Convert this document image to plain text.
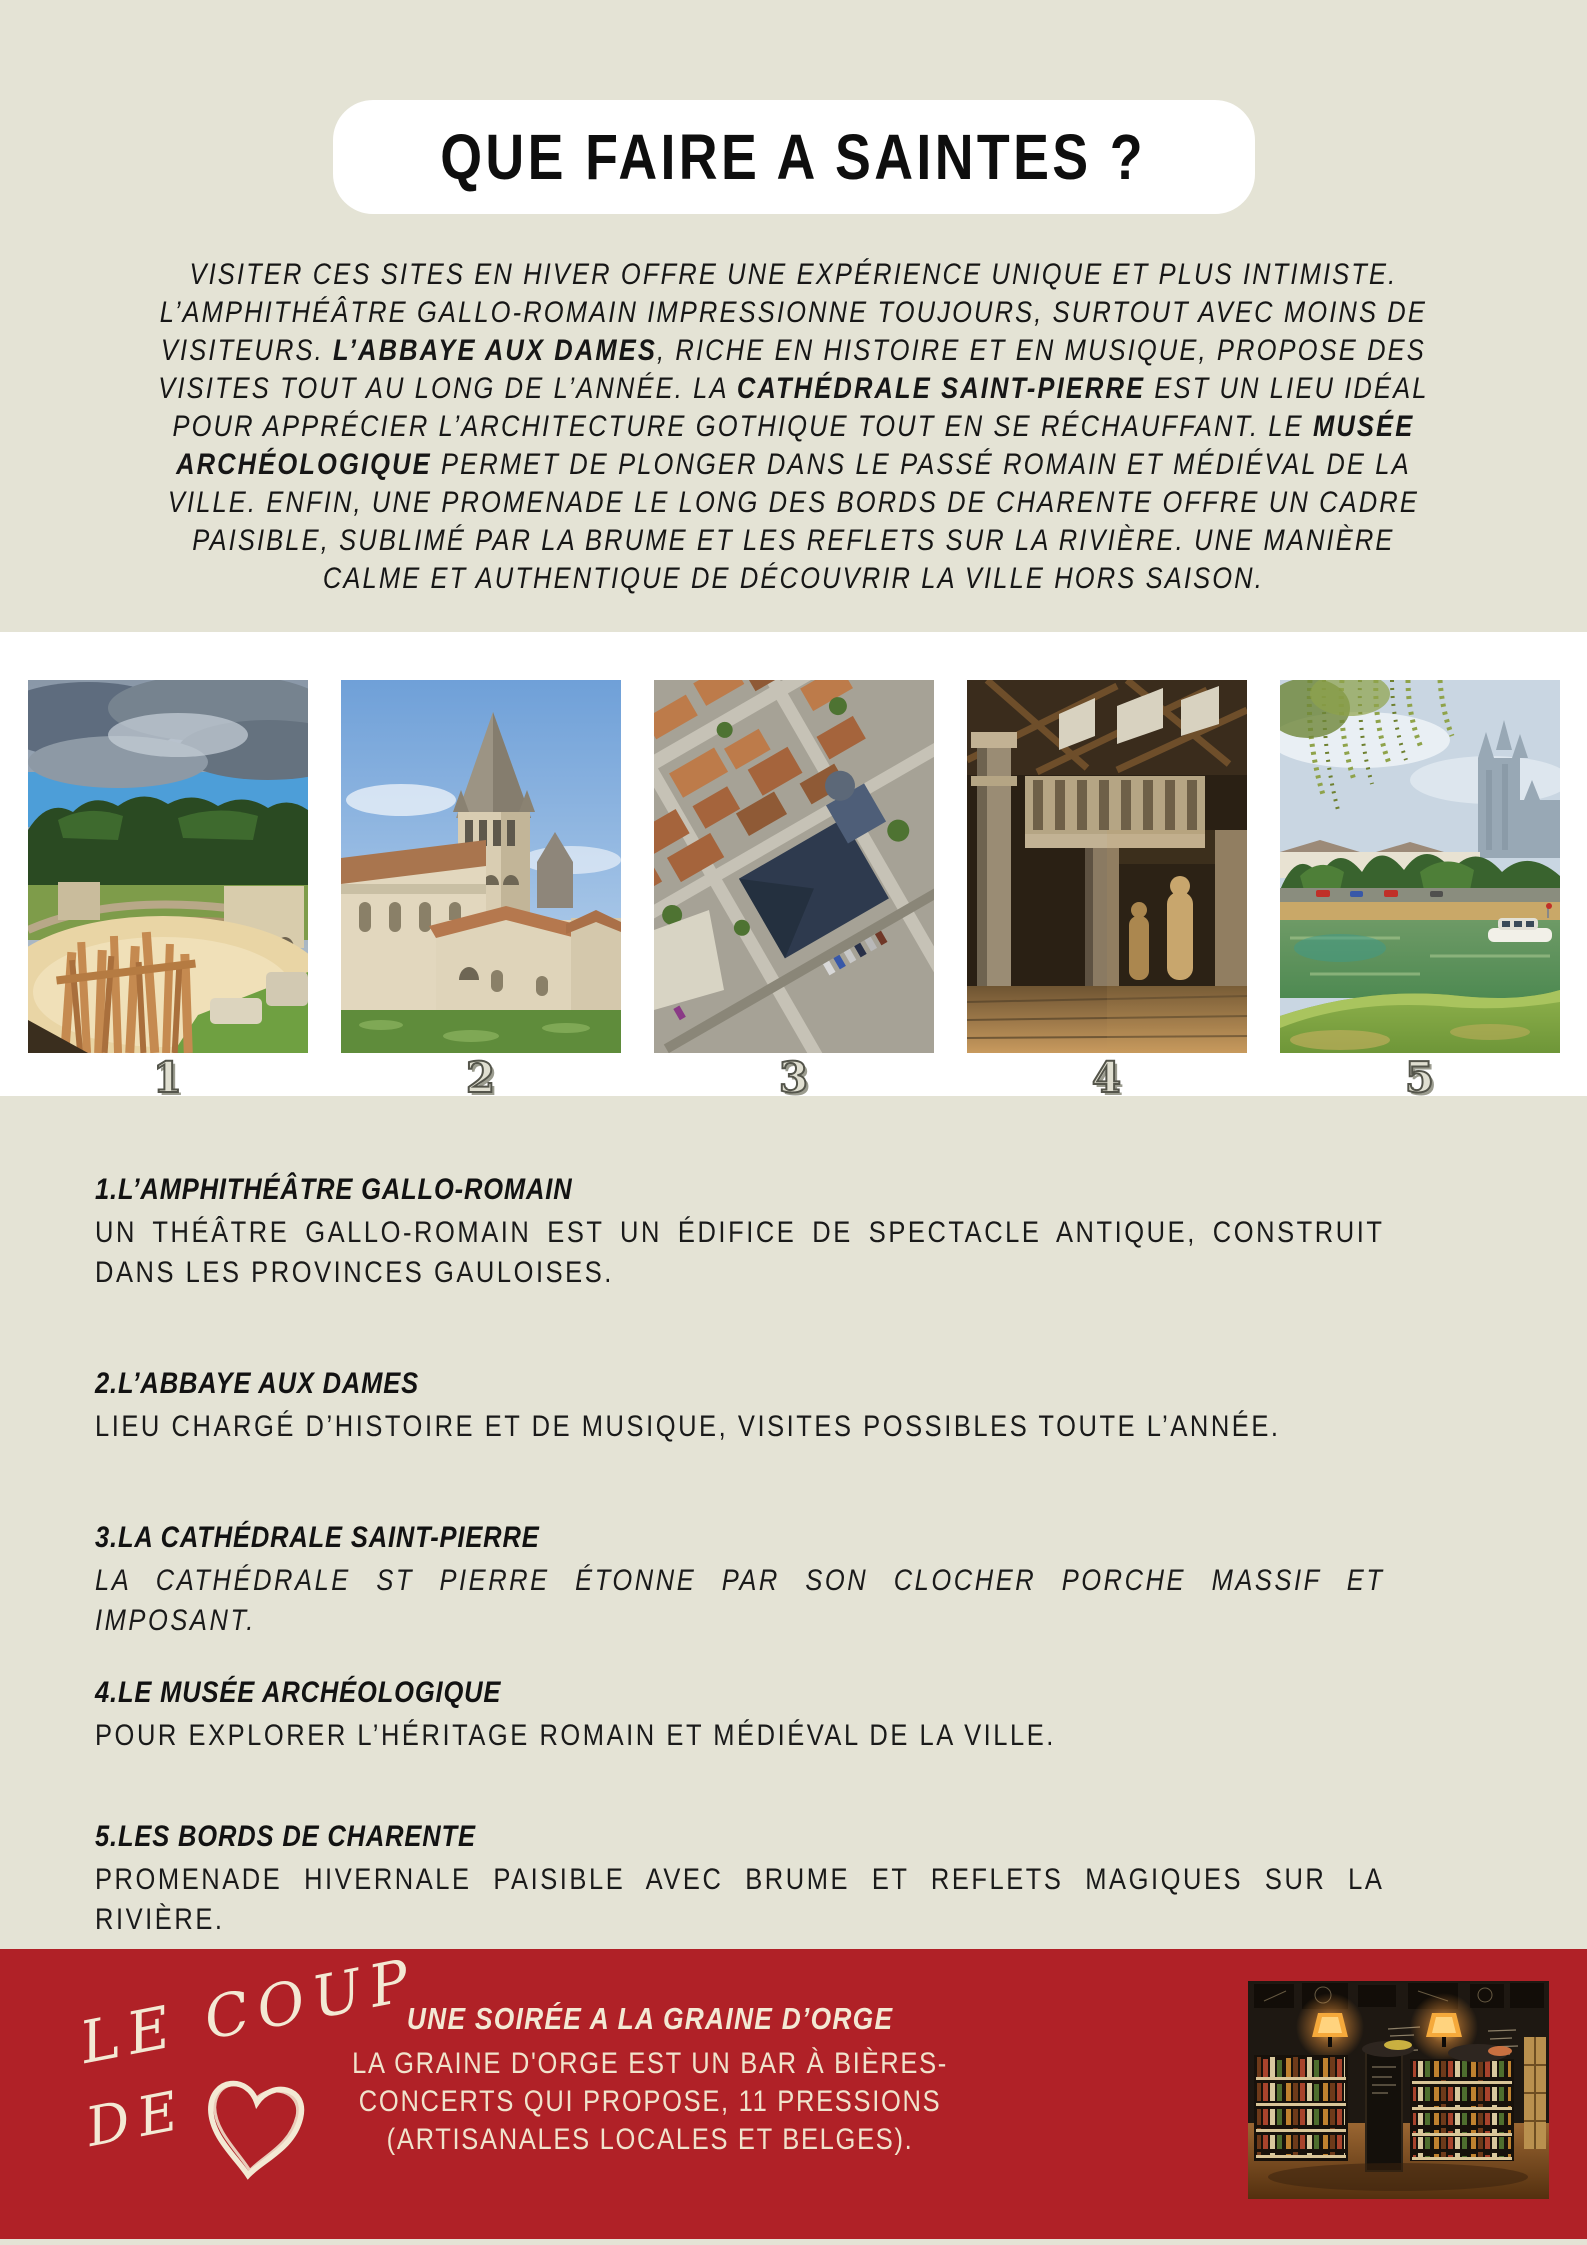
QUE FAIRE A SAINTES ?

VISITER CES SITES EN HIVER OFFRE UNE EXPÉRIENCE UNIQUE ET PLUS INTIMISTE. L’AMPHITHÉÂTRE GALLO-ROMAIN IMPRESSIONNE TOUJOURS, SURTOUT AVEC MOINS DE VISITEURS. L’ABBAYE AUX DAMES, RICHE EN HISTOIRE ET EN MUSIQUE, PROPOSE DES VISITES TOUT AU LONG DE L’ANNÉE. LA CATHÉDRALE SAINT-PIERRE EST UN LIEU IDÉAL POUR APPRÉCIER L’ARCHITECTURE GOTHIQUE TOUT EN SE RÉCHAUFFANT. LE MUSÉE ARCHÉOLOGIQUE PERMET DE PLONGER DANS LE PASSÉ ROMAIN ET MÉDIÉVAL DE LA VILLE. ENFIN, UNE PROMENADE LE LONG DES BORDS DE CHARENTE OFFRE UN CADRE PAISIBLE, SUBLIMÉ PAR LA BRUME ET LES REFLETS SUR LA RIVIÈRE. UNE MANIÈRE CALME ET AUTHENTIQUE DE DÉCOUVRIR LA VILLE HORS SAISON.

1	2	3	4	5
1.L’AMPHITHÉÂTRE GALLO-ROMAIN

UN THÉÂTRE GALLO-ROMAIN EST UN ÉDIFICE DE SPECTACLE ANTIQUE, CONSTRUIT DANS LES PROVINCES GAULOISES.

2.L’ABBAYE AUX DAMES

LIEU CHARGÉ D’HISTOIRE ET DE MUSIQUE, VISITES POSSIBLES TOUTE L’ANNÉE.

3.LA CATHÉDRALE SAINT-PIERRE

LA CATHÉDRALE ST PIERRE ÉTONNE PAR SON CLOCHER PORCHE MASSIF ET IMPOSANT.

4.LE MUSÉE ARCHÉOLOGIQUE

POUR EXPLORER L’HÉRITAGE ROMAIN ET MÉDIÉVAL DE LA VILLE.

5.LES BORDS DE CHARENTE

PROMENADE HIVERNALE PAISIBLE AVEC BRUME ET REFLETS MAGIQUES SUR LA RIVIÈRE.

LE COUP
DE
UNE SOIRÉE A LA GRAINE D’ORGE

LA GRAINE D'ORGE EST UN BAR À BIÈRES-CONCERTS QUI PROPOSE, 11 PRESSIONS (ARTISANALES LOCALES ET BELGES).
